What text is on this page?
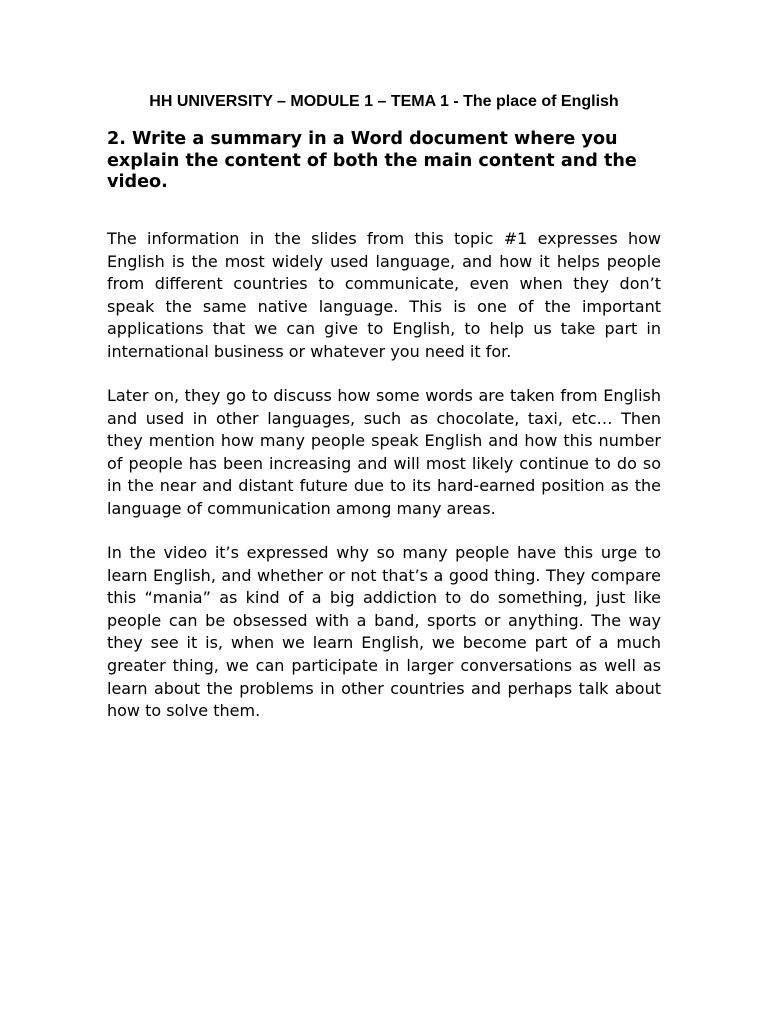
HH UNIVERSITY – MODULE 1 – TEMA 1 - The place of English
2. Write a summary in a Word document where you explain the content of both the main content and the video.

The information in the slides from this topic #1 expresses how English is the most widely used language, and how it helps people from different countries to communicate, even when they don’t speak the same native language. This is one of the important applications that we can give to English, to help us take part in international business or whatever you need it for.

Later on, they go to discuss how some words are taken from English and used in other languages, such as chocolate, taxi, etc… Then they mention how many people speak English and how this number of people has been increasing and will most likely continue to do so in the near and distant future due to its hard-earned position as the language of communication among many areas.

In the video it’s expressed why so many people have this urge to learn English, and whether or not that’s a good thing. They compare this “mania” as kind of a big addiction to do something, just like people can be obsessed with a band, sports or anything. The way they see it is, when we learn English, we become part of a much greater thing, we can participate in larger conversations as well as learn about the problems in other countries and perhaps talk about how to solve them.
